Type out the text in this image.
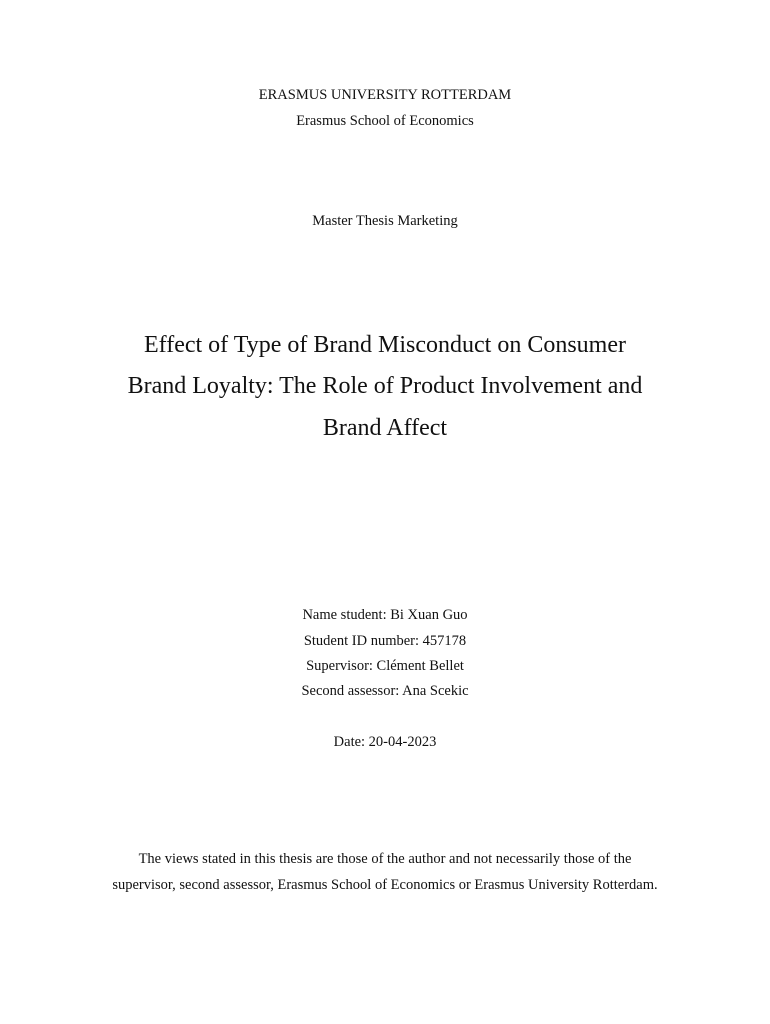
ERASMUS UNIVERSITY ROTTERDAM
Erasmus School of Economics
Master Thesis Marketing
Effect of Type of Brand Misconduct on Consumer
Brand Loyalty: The Role of Product Involvement and
Brand Affect
Name student: Bi Xuan Guo
Student ID number: 457178
Supervisor: Clément Bellet
Second assessor: Ana Scekic
Date: 20-04-2023
The views stated in this thesis are those of the author and not necessarily those of the
supervisor, second assessor, Erasmus School of Economics or Erasmus University Rotterdam.
